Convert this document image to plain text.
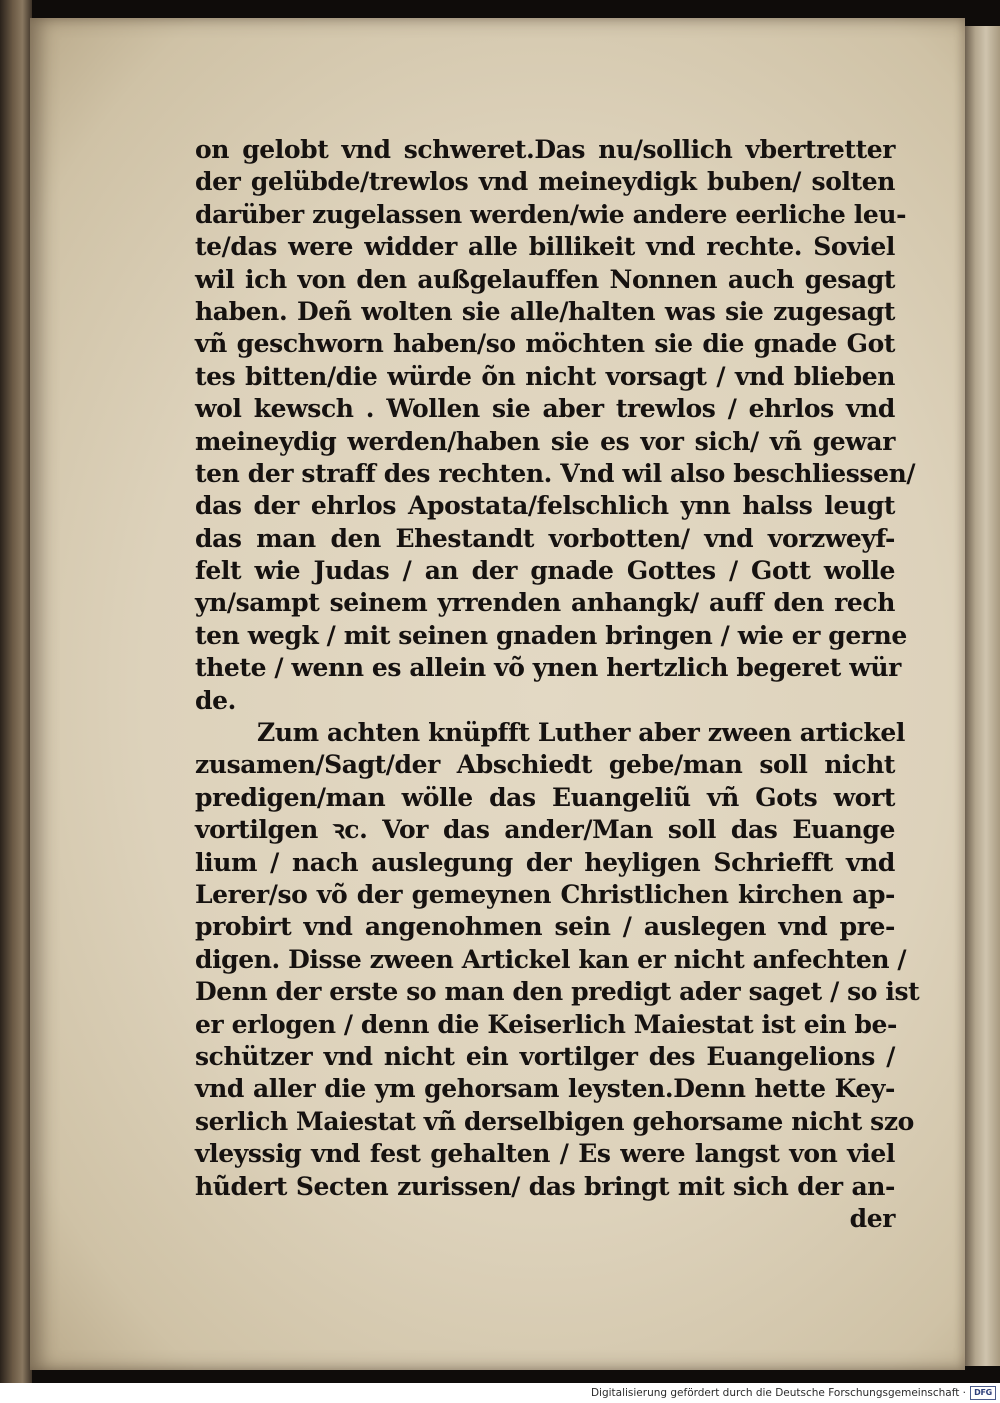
on gelobt vnd schweret.Das nu/sollich vbertretter
der gelübde/trewlos vnd meineydigk buben/ solten
darüber zugelassen werden/wie andere eerliche leu-
te/das were widder alle billikeit vnd rechte. Soviel
wil ich von den außgelauffen Nonnen auch gesagt
haben. Deñ wolten sie alle/halten was sie zugesagt
vñ geschworn haben/so möchten sie die gnade Got
tes bitten/die würde õn nicht vorsagt / vnd blieben
wol kewsch . Wollen sie aber trewlos / ehrlos vnd
meineydig werden/haben sie es vor sich/ vñ gewar
ten der straff des rechten. Vnd wil also beschliessen/
das der ehrlos Apostata/felschlich ynn halss leugt
das man den Ehestandt vorbotten/ vnd vorzweyf-
felt wie Judas / an der gnade Gottes / Gott wolle
yn/sampt seinem yrrenden anhangk/ auff den rech
ten wegk / mit seinen gnaden bringen / wie er gerne
thete / wenn es allein võ ynen hertzlich begeret wür
de.
Zum achten knüpfft Luther aber zween artickel
zusamen/Sagt/der Abschiedt gebe/man soll nicht
predigen/man wölle das Euangeliũ vñ Gots wort
vortilgen ꝛc. Vor das ander/Man soll das Euange
lium / nach auslegung der heyligen Schriefft vnd
Lerer/so võ der gemeynen Christlichen kirchen ap-
probirt vnd angenohmen sein / auslegen vnd pre-
digen. Disse zween Artickel kan er nicht anfechten /
Denn der erste so man den predigt ader saget / so ist
er erlogen / denn die Keiserlich Maiestat ist ein be-
schützer vnd nicht ein vortilger des Euangelions /
vnd aller die ym gehorsam leysten.Denn hette Key-
serlich Maiestat vñ derselbigen gehorsame nicht szo
vleyssig vnd fest gehalten / Es were langst von viel
hũdert Secten zurissen/ das bringt mit sich der an-
der
Digitalisierung gefördert durch die Deutsche Forschungsgemeinschaft ·	DFG
